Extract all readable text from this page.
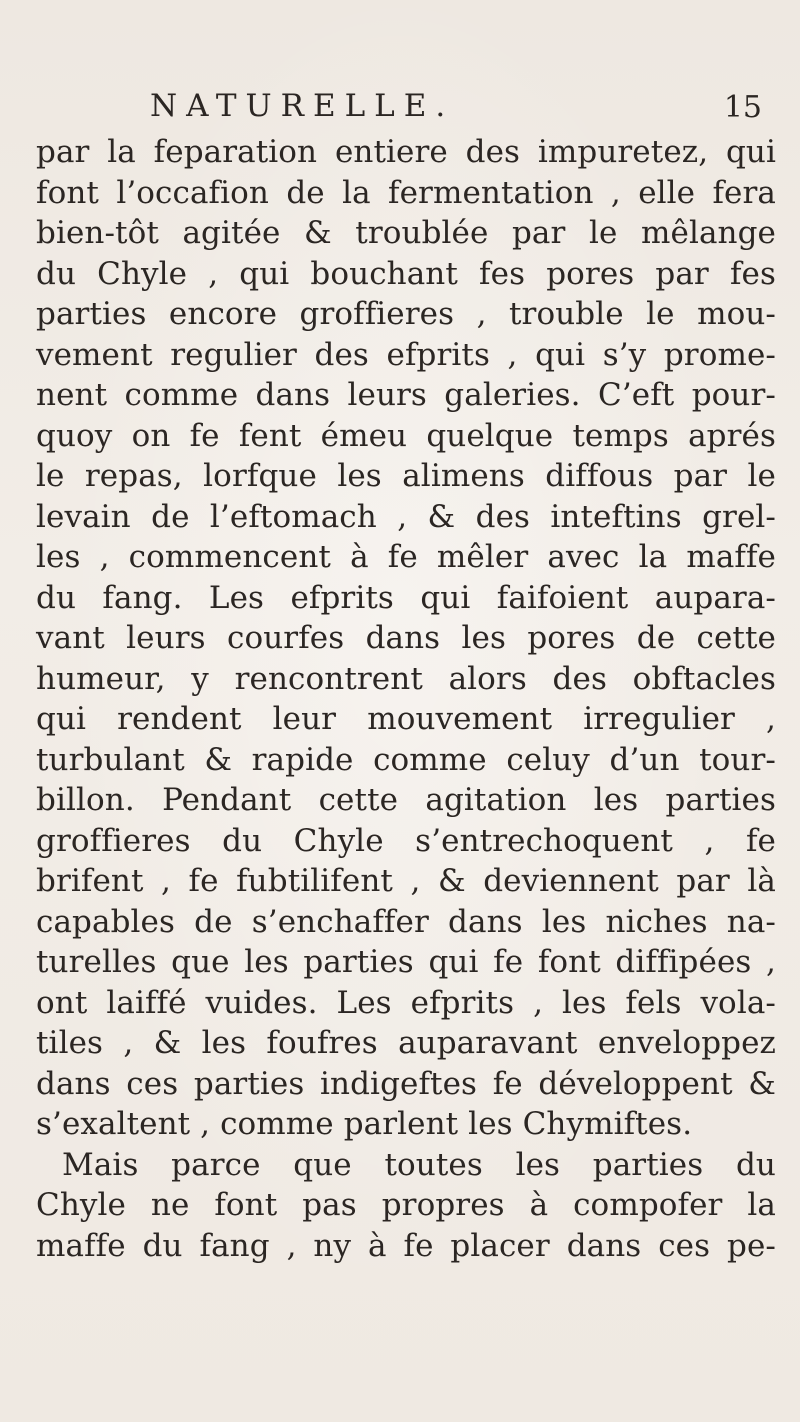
NATURELLE.	15
par la feparation entiere des impuretez, qui
font l’occafion de la fermentation , elle fera
bien-tôt agitée & troublée par le mêlange
du Chyle , qui bouchant fes pores par fes
parties encore groffieres , trouble le mou-
vement regulier des efprits , qui s’y prome-
nent comme dans leurs galeries. C’eft pour-
quoy on fe fent émeu quelque temps aprés
le repas, lorfque les alimens diffous par le
levain de l’eftomach , & des inteftins grel-
les , commencent à fe mêler avec la maffe
du fang. Les efprits qui faifoient aupara-
vant leurs courfes dans les pores de cette
humeur, y rencontrent alors des obftacles
qui rendent leur mouvement irregulier ,
turbulant & rapide comme celuy d’un tour-
billon. Pendant cette agitation les parties
groffieres du Chyle s’entrechoquent , fe
brifent , fe fubtilifent , & deviennent par là
capables de s’enchaffer dans les niches na-
turelles que les parties qui fe font diffipées ,
ont laiffé vuides. Les efprits , les fels vola-
tiles , & les foufres auparavant enveloppez
dans ces parties indigeftes fe développent &
s’exaltent , comme parlent les Chymiftes.
Mais parce que toutes les parties du
Chyle ne font pas propres à compofer la
maffe du fang , ny à fe placer dans ces pe-
